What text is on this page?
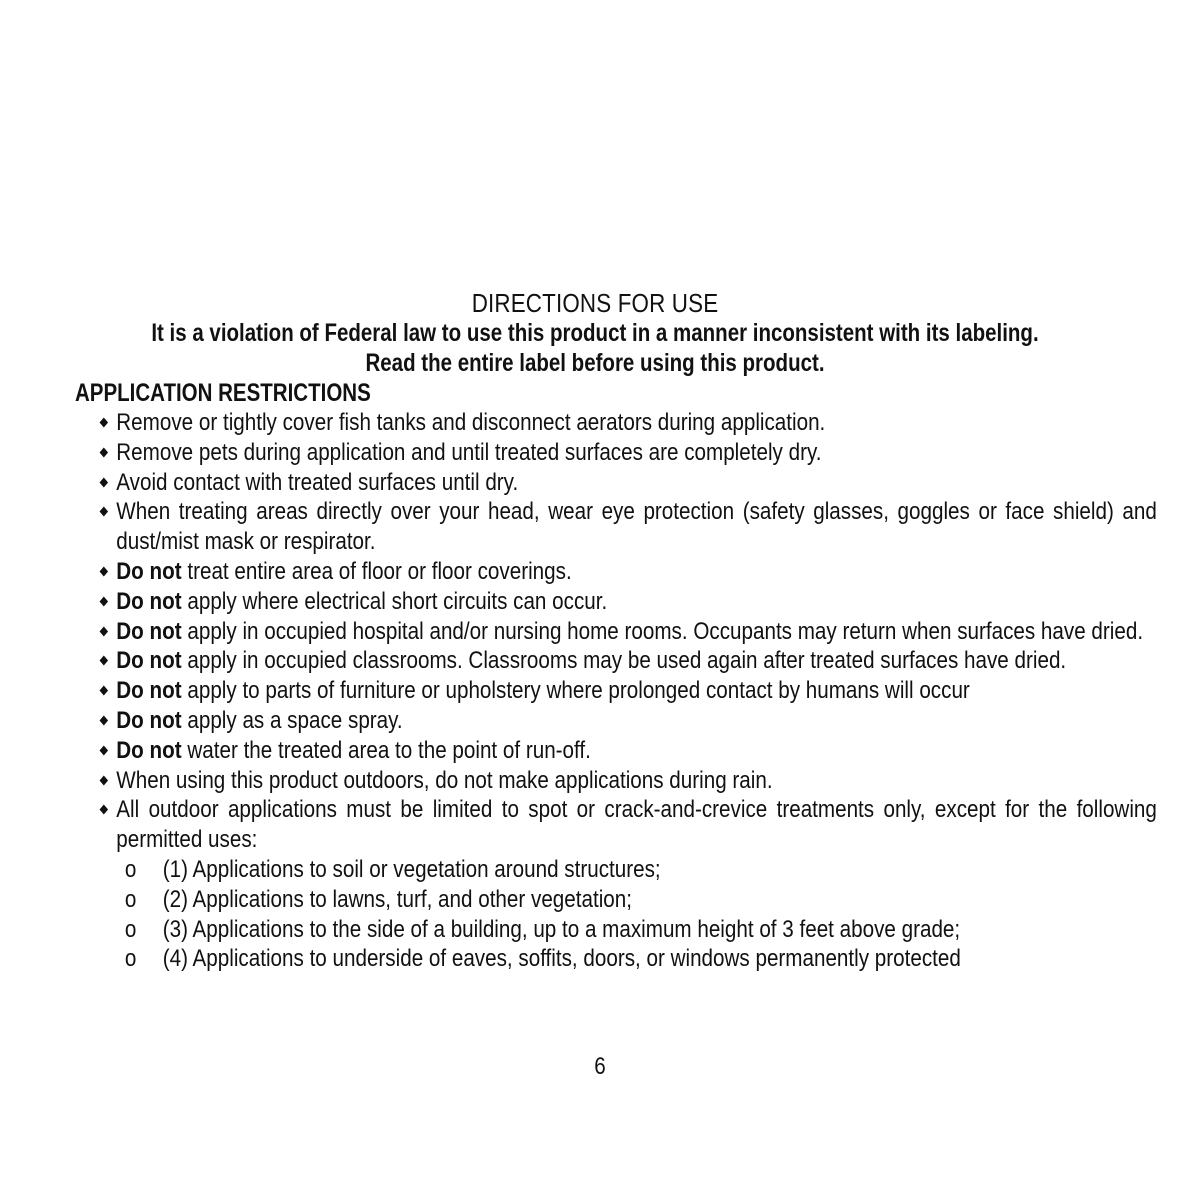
DIRECTIONS FOR USE

It is a violation of Federal law to use this product in a manner inconsistent with its labeling.

Read the entire label before using this product.

APPLICATION RESTRICTIONS

Remove or tightly cover fish tanks and disconnect aerators during application.
Remove pets during application and until treated surfaces are completely dry.
Avoid contact with treated surfaces until dry.
When treating areas directly over your head, wear eye protection (safety glasses, goggles or face shield) and dust/mist mask or respirator.
Do not treat entire area of floor or floor coverings.
Do not apply where electrical short circuits can occur.
Do not apply in occupied hospital and/or nursing home rooms. Occupants may return when surfaces have dried.
Do not apply in occupied classrooms. Classrooms may be used again after treated surfaces have dried.
Do not apply to parts of furniture or upholstery where prolonged contact by humans will occur
Do not apply as a space spray.
Do not water the treated area to the point of run-off.
When using this product outdoors, do not make applications during rain.
All outdoor applications must be limited to spot or crack-and-crevice treatments only, except for the following permitted uses:
o (1) Applications to soil or vegetation around structures;
o (2) Applications to lawns, turf, and other vegetation;
o (3) Applications to the side of a building, up to a maximum height of 3 feet above grade;
o (4) Applications to underside of eaves, soffits, doors, or windows permanently protected
6
